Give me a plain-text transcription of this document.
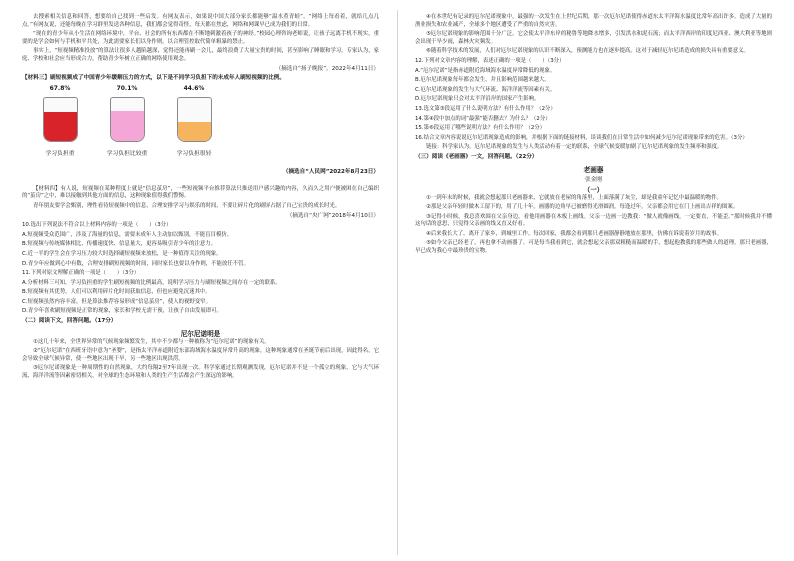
去搜索相关信息和回答，想要给自己找到一些启发。有网友表示，如果说中国大部分家长都能够“温水煮青蛙”，“网络上每看着，就给几点几点。”有网友说，还能每晚在学习群里发送各种信息，我们都会觉得奇怪，每天都在焦虑，网络和网课早已成为我们的日常。

“现在的青少年从小生活在网络环境中，平台、社会的所有东西都在不断地刺激着孩子的神经。”校园心理咨询老师说，让孩子远离手机不现实，重要的是学会如何与手机和平共处，为此需要家长们以身作则，以合理管控取代简单粗暴的禁止。

事实上，“短视频精准投放”的算法让很多人越陷越深，觉得还能再刷一会儿，最终浪费了大量宝贵的时间，甚至影响了睡眠和学习。专家认为，家庭、学校和社会应当形成合力，帮助青少年树立正确的网络使用观念。

（摘选自“扬子晚报”，2022年4月11日）

【材料三】刷短视频成了中国青少年缓解压力的方式，以下是不同学习负担下的未成年人刷短视频的比例。

（摘选自“人民网”2022年8月23日）
67.8%
学习负担重
70.1%
学习负担比较重
44.6%
学习负担很轻

【材料四】有人说，短视频在某种程度上就是“信息茧房”，一些短视频平台推荐算法只推送用户感兴趣的内容，久而久之用户便被困在自己编织的“茧房”之中，难以接触到其他方面的信息，这种现象值得我们警惕。

青年朋友要学会甄别，理性看待短视频中的信息，合理安排学习与娱乐的时间，不要让碎片化的刷屏占据了自己宝贵的成长时光。

（摘选自“央广网”2018年4月10日）

10.选出下列说法不符合以上材料内容的一项是（　　）（3分）

A.短视频受众范围广，涉及了海量的信息，需要未成年人主动加以甄别，不能盲目模仿。

B.短视频与传统媒体相比，传播速度快、信息量大，更容易吸引青少年的注意力。

C.近一半的学生会在学习压力较大时选择刷短视频来放松，是一种值得关注的现象。

D.青少年应做到心中有数，合理安排刷短视频的时间，同时家长也要以身作则，不能放任不管。

11.下列对原文理解正确的一项是（　　）（3分）

A.分析材料三可知，学习负担重的学生刷短视频的比例最高，说明学习压力与刷短视频之间存在一定的联系。

B.短视频有其优势，人们可以利用碎片化时间获取信息，但也应避免沉迷其中。

C.短视频虽然内容丰富，但是算法推荐容易形成“信息茧房”，使人的视野变窄。

D.青少年喜欢刷短视频是正常的现象，家长和学校无需干预，让孩子自由发展即可。

（二）阅读下文，回答问题。（17分）

尼尔尼诺明是

①这几十年来，全世界异常的气候现象频繁发生，其中不少都与一种被称为“厄尔尼诺”的现象有关。

②“厄尔尼诺”在西班牙语中意为“圣婴”，是指太平洋赤道附近东部海域海水温度异常升高的现象。这种现象通常在圣诞节前后出现，因此得名。它会导致全球气候异常，使一些地区出现干旱，另一些地区出现洪涝。

③厄尔尼诺现象是一种周期性的自然现象，大约每隔2至7年出现一次。科学家通过长期观测发现，厄尔尼诺并不是一个孤立的现象，它与大气环流、海洋洋流等因素密切相关，对全球的生态环境和人类的生产生活都会产生深远的影响。

④在本世纪有记录的厄尔尼诺现象中，最强的一次发生在上世纪后期，那一次厄尔尼诺使得赤道东太平洋海水温度比常年高出许多，造成了大量的渔业损失和农业减产，全球多个地区遭受了严重的自然灾害。

⑤厄尔尼诺现象的影响范围十分广泛。它会使太平洋东岸的秘鲁等地降水增多，引发洪水和泥石流；而太平洋西岸的印度尼西亚、澳大利亚等地则会出现干旱少雨，森林火灾频发。

⑥随着科学技术的发展，人们对厄尔尼诺现象的认识不断深入，预测能力也在逐步提高，这对于减轻厄尔尼诺造成的损失具有重要意义。

12.下列对文章内容的理解，表述正确的一项是（　　）（3分）

A.“厄尔尼诺”是指赤道附近海域海水温度异常降低的现象。

B.厄尔尼诺现象每年都会发生，并且影响范围越来越大。

C.厄尔尼诺现象的发生与大气环流、海洋洋流等因素有关。

D.厄尔尼诺现象只会对太平洋沿岸的国家产生影响。

13.选文第③段运用了什么说明方法？有什么作用？（2分）

14.第④段中加点的词“最强”能否删去？为什么？（2分）

15.第⑥段运用了哪些说明方法？有什么作用？（2分）

16.结合文章内容说说厄尔尼诺现象造成的影响，并根据下面的链接材料，谈谈我们在日常生活中如何减少厄尔尼诺现象带来的危害。（3分）

链接：科学家认为，厄尔尼诺现象的发生与人类活动有着一定的联系，全球气候变暖加剧了厄尔尼诺现象的发生频率和强度。

（三）阅读《老画器》一文，回答问题。（22分）

老画器
张金刚
（一）

①一到年末的时候，我就会想起那只老画器来，它就放在老屋的角落里，上面落满了灰尘，却是我童年记忆中最温暖的物件。

②那是父亲年轻时做木工留下的，用了几十年，画器的边角早已被磨得光滑圆润。每逢过年，父亲都会用它在门上画出吉祥的图案。

③记得小时候，我总喜欢围在父亲身边，看他用画器在木板上画线。父亲一边画一边教我：“做人就像画线，一定要直，不能歪。”那时候我并不懂这句话的意思，只觉得父亲画的线又直又好看。

④后来我长大了，离开了家乡，到城里工作。每次回家，我都会看到那只老画器静静地放在那里，仿佛在诉说着岁月的故事。

⑤如今父亲已经老了，再也拿不动画器了。可是每当我看到它，就会想起父亲那双粗糙而温暖的手，想起他教我的那些做人的道理，那只老画器，早已成为我心中最珍贵的宝物。
